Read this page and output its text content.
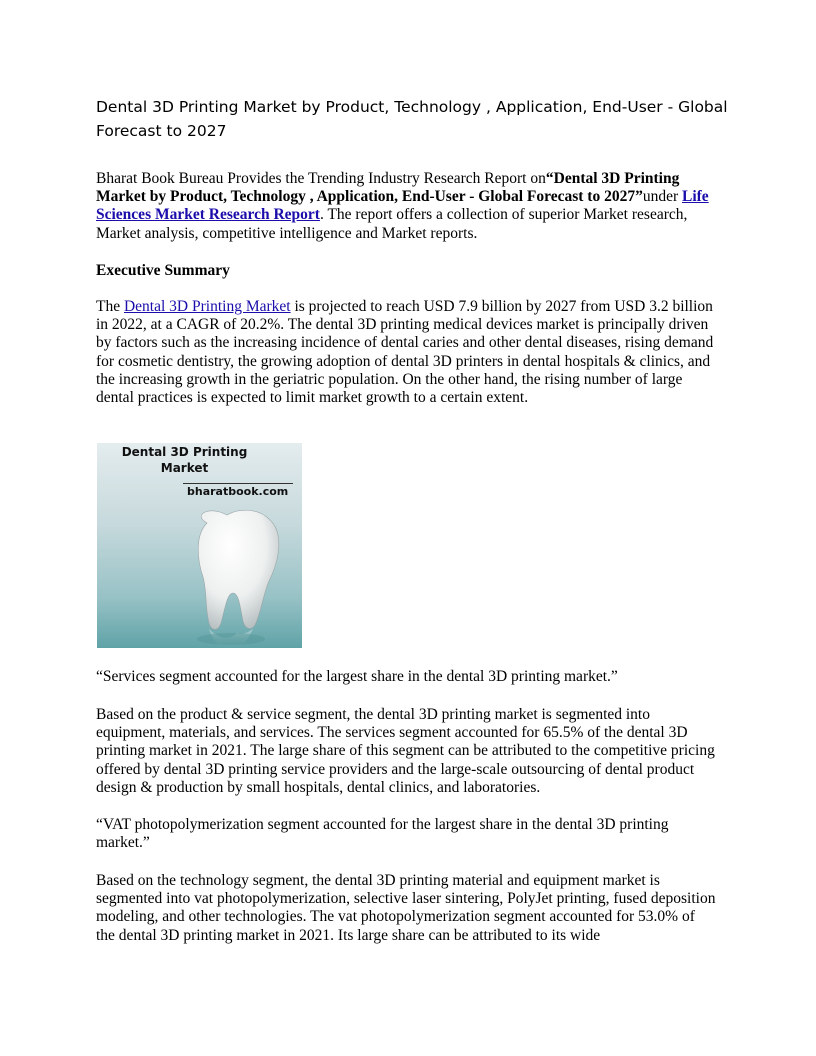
Dental 3D Printing Market by Product, Technology , Application, End-User - Global Forecast to 2027

Bharat Book Bureau Provides the Trending Industry Research Report on“Dental 3D Printing Market by Product, Technology , Application, End-User - Global Forecast to 2027”under Life Sciences Market Research Report. The report offers a collection of superior Market research, Market analysis, competitive intelligence and Market reports.

Executive Summary

The Dental 3D Printing Market is projected to reach USD 7.9 billion by 2027 from USD 3.2 billion in 2022, at a CAGR of 20.2%. The dental 3D printing medical devices market is principally driven by factors such as the increasing incidence of dental caries and other dental diseases, rising demand for cosmetic dentistry, the growing adoption of dental 3D printers in dental hospitals & clinics, and the increasing growth in the geriatric population. On the other hand, the rising number of large dental practices is expected to limit market growth to a certain extent.

Dental 3D Printing
Market
bharatbook.com

“Services segment accounted for the largest share in the dental 3D printing market.”

Based on the product & service segment, the dental 3D printing market is segmented into equipment, materials, and services. The services segment accounted for 65.5% of the dental 3D printing market in 2021. The large share of this segment can be attributed to the competitive pricing offered by dental 3D printing service providers and the large-scale outsourcing of dental product design & production by small hospitals, dental clinics, and laboratories.

“VAT photopolymerization segment accounted for the largest share in the dental 3D printing market.”

Based on the technology segment, the dental 3D printing material and equipment market is segmented into vat photopolymerization, selective laser sintering, PolyJet printing, fused deposition modeling, and other technologies. The vat photopolymerization segment accounted for 53.0% of the dental 3D printing market in 2021. Its large share can be attributed to its wide
